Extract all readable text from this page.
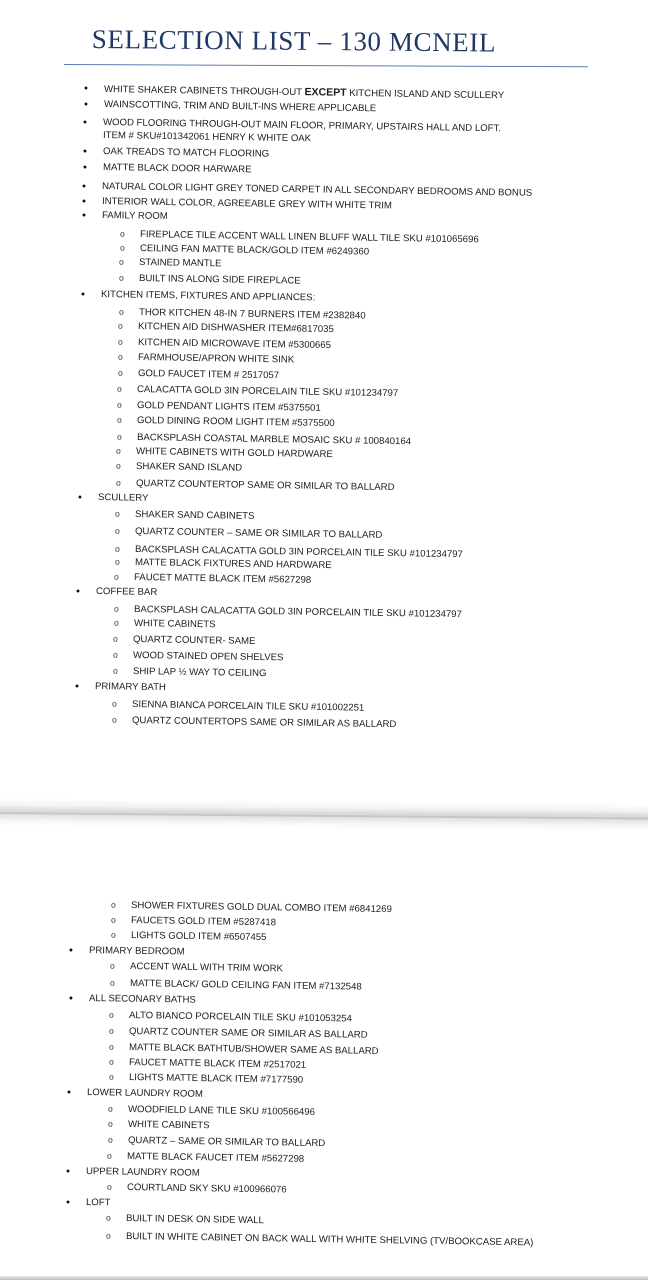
SELECTION LIST – 130 MCNEIL
• WHITE SHAKER CABINETS THROUGH-OUT EXCEPT KITCHEN ISLAND AND SCULLERY
• WAINSCOTTING, TRIM AND BUILT-INS WHERE APPLICABLE
• WOOD FLOORING THROUGH-OUT MAIN FLOOR, PRIMARY, UPSTAIRS HALL AND LOFT.
ITEM # SKU#101342061 HENRY K WHITE OAK
• OAK TREADS TO MATCH FLOORING
• MATTE BLACK DOOR HARWARE
• NATURAL COLOR LIGHT GREY TONED CARPET IN ALL SECONDARY BEDROOMS AND BONUS
• INTERIOR WALL COLOR, AGREEABLE GREY WITH WHITE TRIM
• FAMILY ROOM
o FIREPLACE TILE ACCENT WALL LINEN BLUFF WALL TILE SKU #101065696
o CEILING FAN MATTE BLACK/GOLD ITEM #6249360
o STAINED MANTLE
o BUILT INS ALONG SIDE FIREPLACE
• KITCHEN ITEMS, FIXTURES AND APPLIANCES:
o THOR KITCHEN 48-IN 7 BURNERS ITEM #2382840
o KITCHEN AID DISHWASHER ITEM#6817035
o KITCHEN AID MICROWAVE ITEM #5300665
o FARMHOUSE/APRON WHITE SINK
o GOLD FAUCET ITEM # 2517057
o CALACATTA GOLD 3IN PORCELAIN TILE SKU #101234797
o GOLD PENDANT LIGHTS ITEM #5375501
o GOLD DINING ROOM LIGHT ITEM #5375500
o BACKSPLASH COASTAL MARBLE MOSAIC SKU # 100840164
o WHITE CABINETS WITH GOLD HARDWARE
o SHAKER SAND ISLAND
o QUARTZ COUNTERTOP SAME OR SIMILAR TO BALLARD
• SCULLERY
o SHAKER SAND CABINETS
o QUARTZ COUNTER – SAME OR SIMILAR TO BALLARD
o BACKSPLASH CALACATTA GOLD 3IN PORCELAIN TILE SKU #101234797
o MATTE BLACK FIXTURES AND HARDWARE
o FAUCET MATTE BLACK ITEM #5627298
• COFFEE BAR
o BACKSPLASH CALACATTA GOLD 3IN PORCELAIN TILE SKU #101234797
o WHITE CABINETS
o QUARTZ COUNTER- SAME
o WOOD STAINED OPEN SHELVES
o SHIP LAP ½ WAY TO CEILING
• PRIMARY BATH
o SIENNA BIANCA PORCELAIN TILE SKU #101002251
o QUARTZ COUNTERTOPS SAME OR SIMILAR AS BALLARD
o SHOWER FIXTURES GOLD DUAL COMBO ITEM #6841269
o FAUCETS GOLD ITEM #5287418
o LIGHTS GOLD ITEM #6507455
• PRIMARY BEDROOM
o ACCENT WALL WITH TRIM WORK
o MATTE BLACK/ GOLD CEILING FAN ITEM #7132548
• ALL SECONARY BATHS
o ALTO BIANCO PORCELAIN TILE SKU #101053254
o QUARTZ COUNTER SAME OR SIMILAR AS BALLARD
o MATTE BLACK BATHTUB/SHOWER SAME AS BALLARD
o FAUCET MATTE BLACK ITEM #2517021
o LIGHTS MATTE BLACK ITEM #7177590
• LOWER LAUNDRY ROOM
o WOODFIELD LANE TILE SKU #100566496
o WHITE CABINETS
o QUARTZ – SAME OR SIMILAR TO BALLARD
o MATTE BLACK FAUCET ITEM #5627298
• UPPER LAUNDRY ROOM
o COURTLAND SKY SKU #100966076
• LOFT
o BUILT IN DESK ON SIDE WALL
o BUILT IN WHITE CABINET ON BACK WALL WITH WHITE SHELVING (TV/BOOKCASE AREA)
